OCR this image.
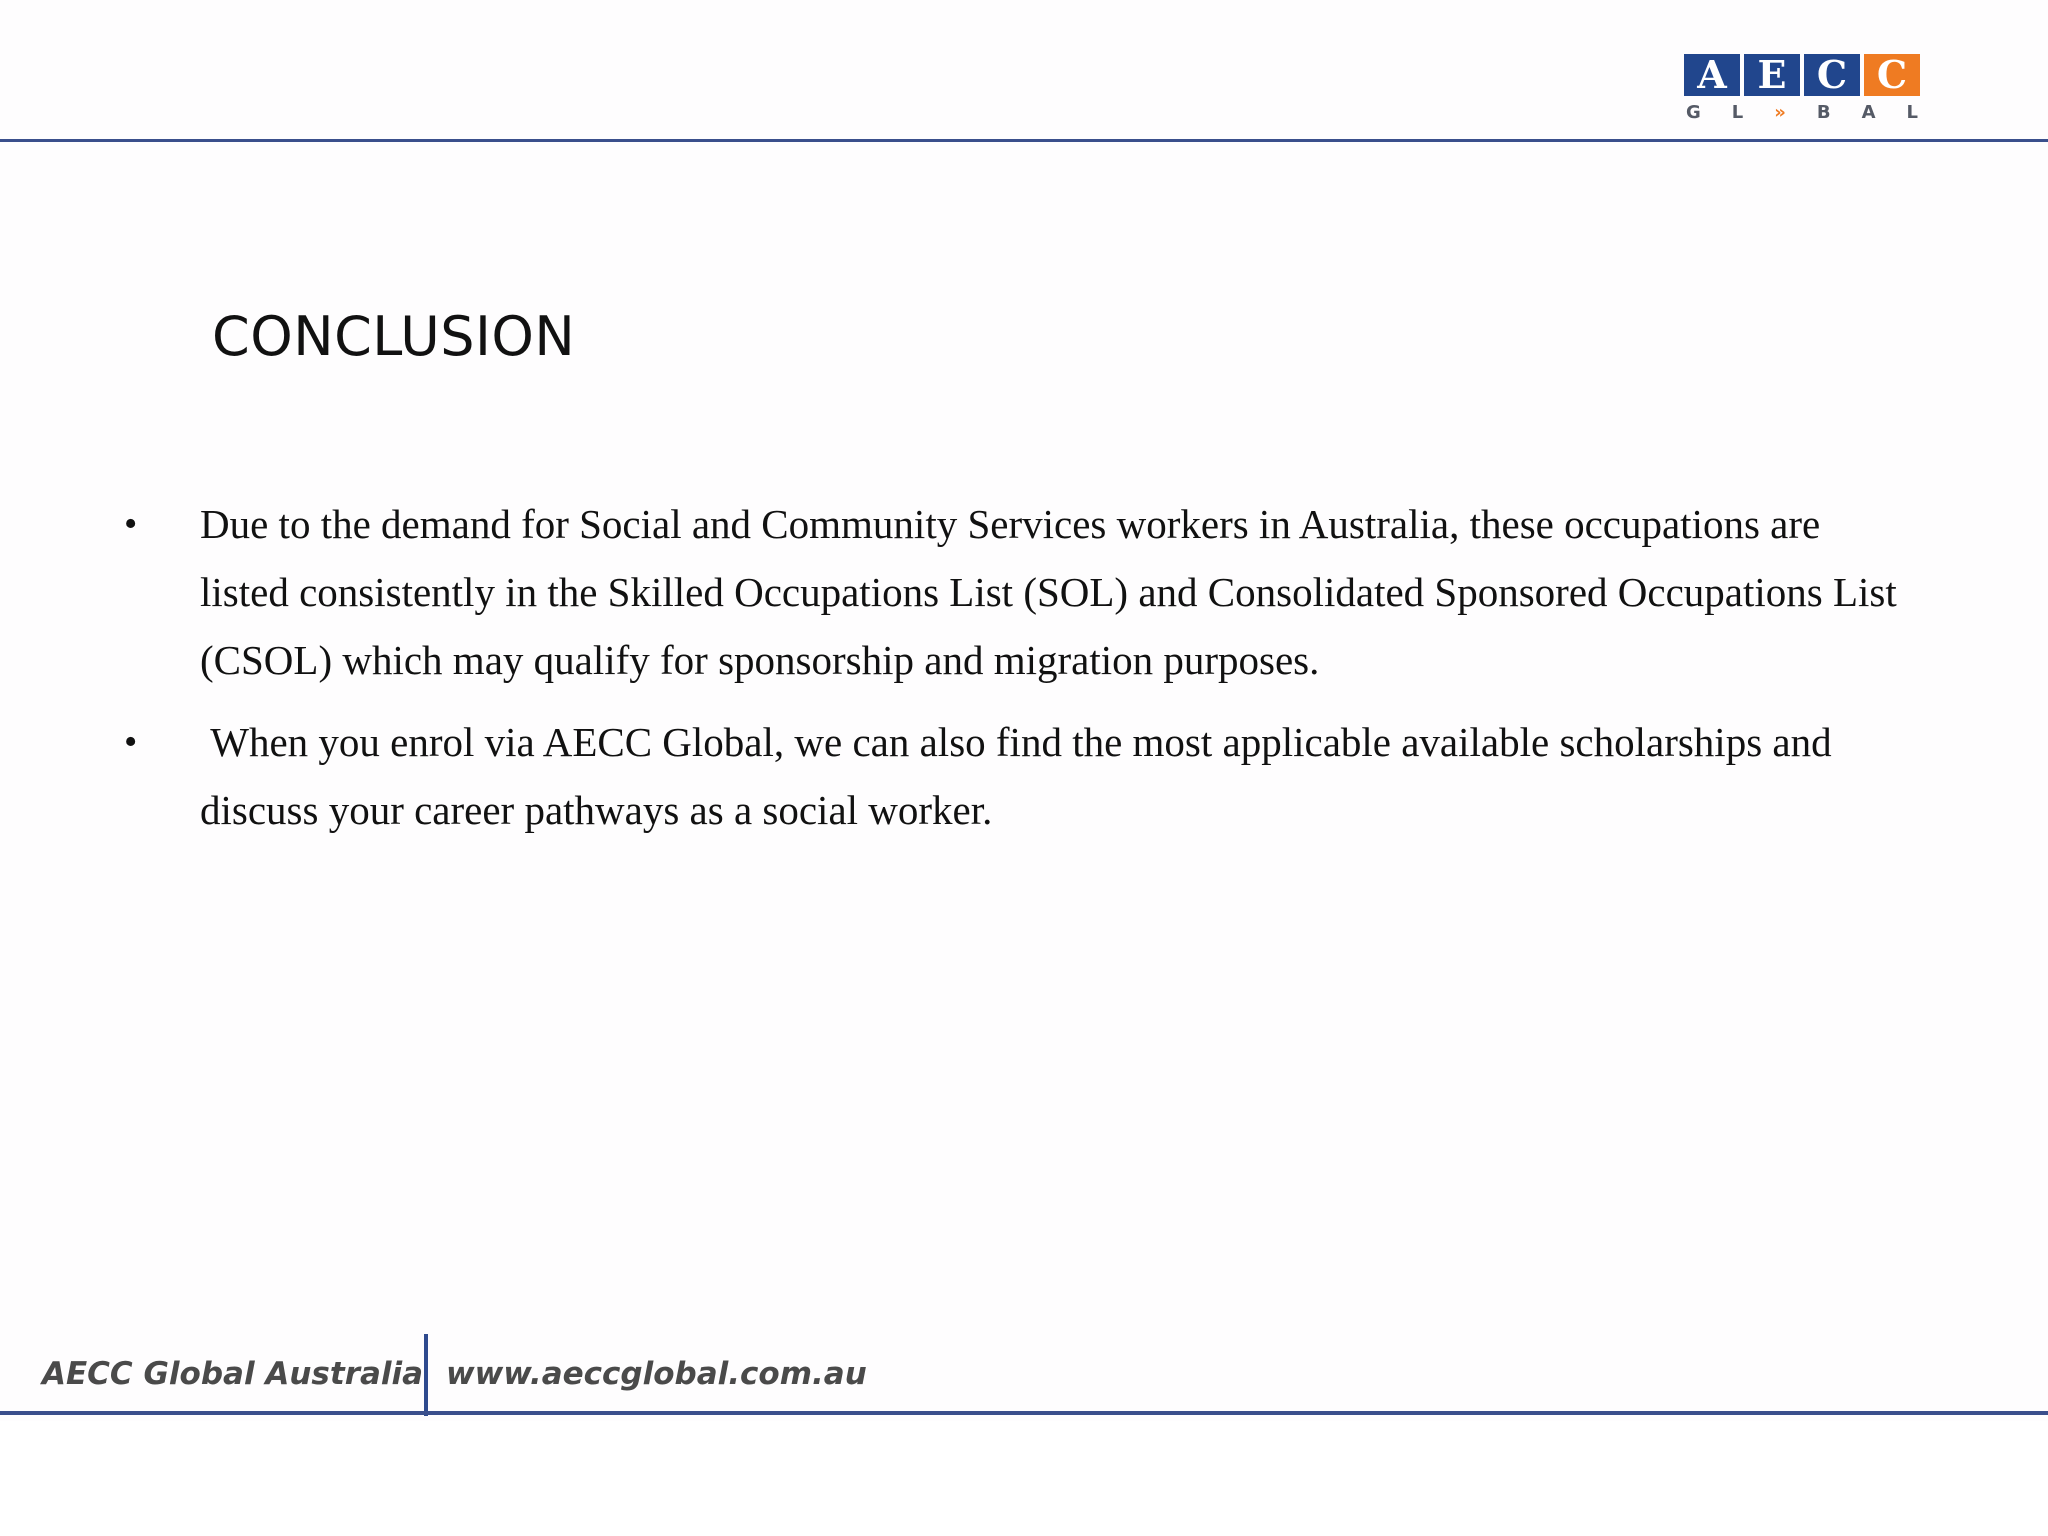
A E C C
G L » B A L
CONCLUSION
• Due to the demand for Social and Community Services workers in Australia, these occupations are listed consistently in the Skilled Occupations List (SOL) and Consolidated Sponsored Occupations List (CSOL) which may qualify for sponsorship and migration purposes.
• When you enrol via AECC Global, we can also find the most applicable available scholarships and discuss your career pathways as a social worker.
AECC Global Australia www.aeccglobal.com.au
